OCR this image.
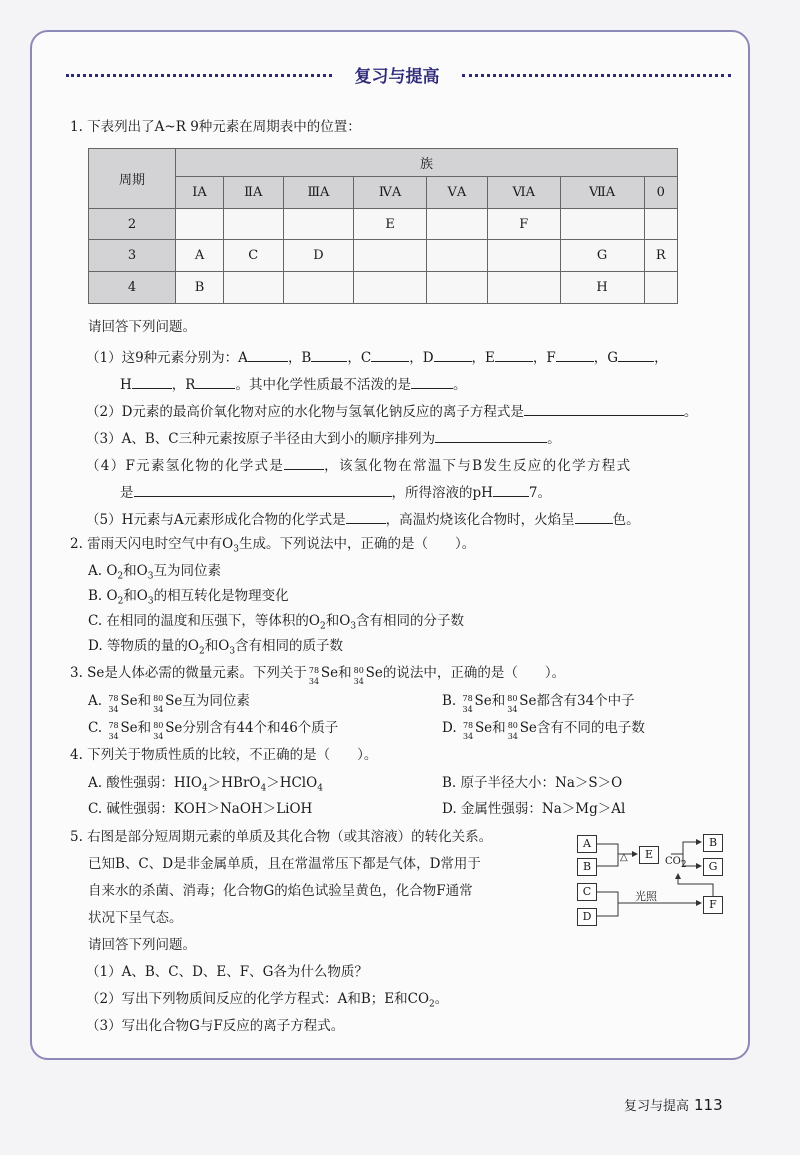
复习与提高
1. 下表列出了A~R 9种元素在周期表中的位置：
周期	族							
	ⅠA	ⅡA	ⅢA	ⅣA	ⅤA	ⅥA	ⅦA	0
2				E		F		
3	A	C	D				G	R
4	B						H	
请回答下列问题。
（1）这9种元素分别为：A	，B	，C	，D	，E	，F	，G	，
H	，R	。其中化学性质最不活泼的是	。
（2）D元素的最高价氧化物对应的水化物与氢氧化钠反应的离子方程式是	。
（3）A、B、C三种元素按原子半径由大到小的顺序排列为	。
（4）F元素氢化物的化学式是	，该氢化物在常温下与B发生反应的化学方程式
是	，所得溶液的pH	7。
（5）H元素与A元素形成化合物的化学式是	，高温灼烧该化合物时，火焰呈	色。
2. 雷雨天闪电时空气中有$O_3$生成。下列说法中，正确的是（　　）。
A. $O_2$和$O_3$互为同位素
B. $O_2$和$O_3$的相互转化是物理变化
C. 在相同的温度和压强下，等体积的$O_2$和$O_3$含有相同的分子数
D. 等物质的量的$O_2$和$O_3$含有相同的质子数
3. Se是人体必需的微量元素。下列关于 78
34
Se和 80
34
Se的说法中，正确的是（　　）。
A. 78
34
Se和 80
34
Se互为同位素	B. 78
34
Se和 80
34
Se都含有34个中子
C. 78
34
Se和 80
34
Se分别含有44个和46个质子	D. 78
34
Se和 80
34
Se含有不同的电子数
4. 下列关于物质性质的比较，不正确的是（　　）。
A. 酸性强弱：$HIO_4>HBrO_4>HClO_4$	B. 原子半径大小：Na＞S＞O
C. 碱性强弱：KOH＞NaOH＞LiOH	D. 金属性强弱：Na＞Mg＞Al
5. 右图是部分短周期元素的单质及其化合物（或其溶液）的转化关系。
已知B、C、D是非金属单质，且在常温常压下都是气体，D常用于
自来水的杀菌、消毒；化合物G的焰色试验呈黄色，化合物F通常
状况下呈气态。
请回答下列问题。
（1）A、B、C、D、E、F、G各为什么物质？
（2）写出下列物质间反应的化学方程式：A和B；E和$CO_2$。
（3）写出化合物G与F反应的离子方程式。
A
B
C
D
E
B
G
F
△	$CO_2$
光照
复习与提高 113
